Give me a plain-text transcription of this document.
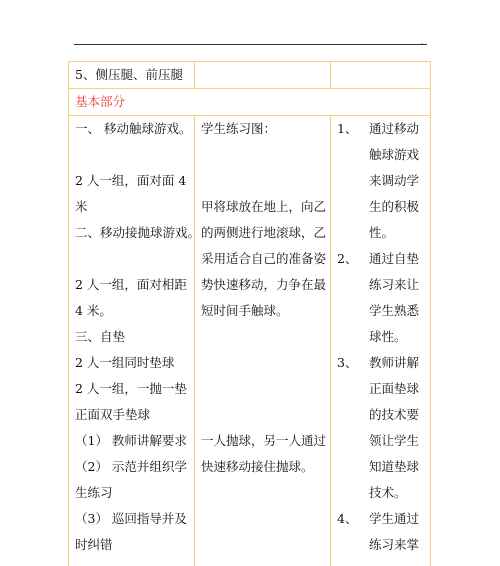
.
5、侧压腿、前压腿
基本部分
一、 移动触球游戏。
2 人一组，面对面 4
米
二、移动接抛球游戏。
2 人一组，面对相距
4 米。
三、自垫
2 人一组同时垫球
2 人一组，一抛一垫
正面双手垫球
（1） 教师讲解要求
（2） 示范并组织学
生练习
（3） 巡回指导并及
时纠错
学生练习图：
甲将球放在地上，向乙
的两侧进行地滚球，乙
采用适合自己的准备姿
势快速移动，力争在最
短时间手触球。
一人抛球，另一人通过
快速移动接住抛球。
1、 通过移动
触球游戏
来调动学
生的积极
性。
2、 通过自垫
练习来让
学生熟悉
球性。
3、 教师讲解
正面垫球
的技术要
领让学生
知道垫球
技术。
4、 学生通过
练习来掌
